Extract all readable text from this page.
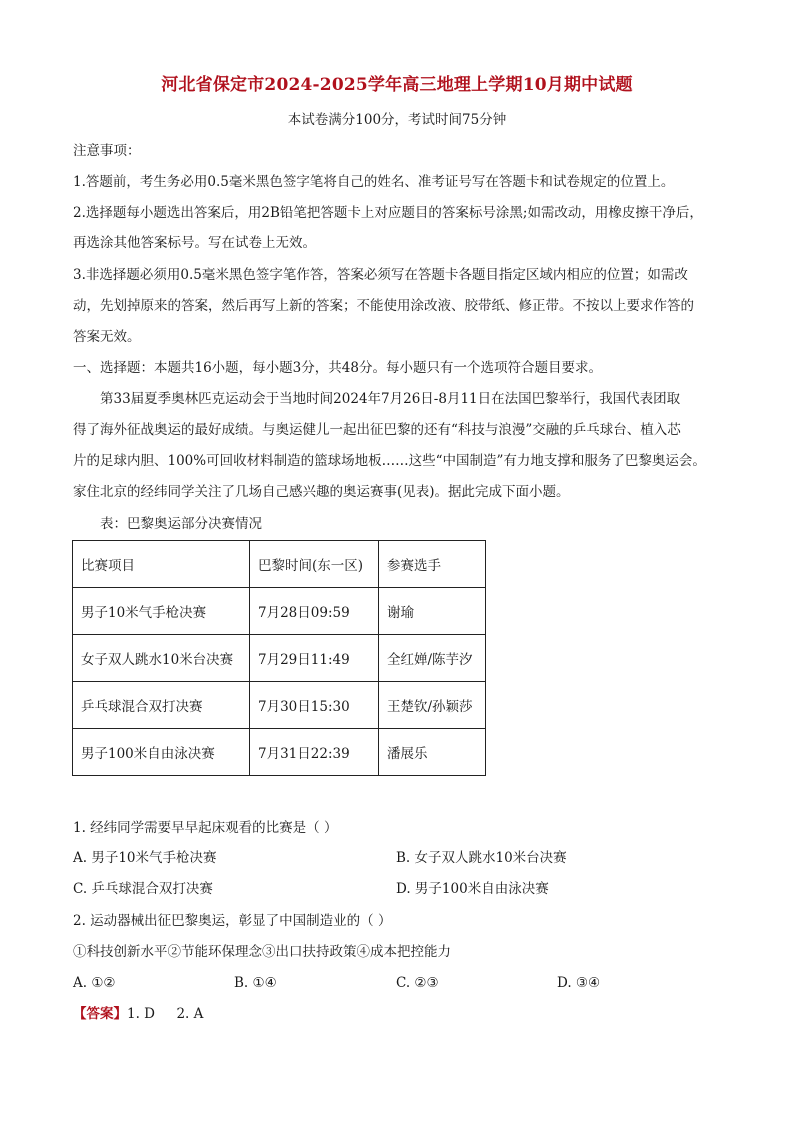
河北省保定市2024-2025学年高三地理上学期10月期中试题
本试卷满分100分，考试时间75分钟
注意事项：
1.答题前，考生务必用0.5毫米黑色签字笔将自己的姓名、准考证号写在答题卡和试卷规定的位置上。
2.选择题每小题选出答案后，用2B铅笔把答题卡上对应题目的答案标号涂黑;如需改动，用橡皮擦干净后，
再选涂其他答案标号。写在试卷上无效。
3.非选择题必须用0.5毫米黑色签字笔作答，答案必须写在答题卡各题目指定区域内相应的位置；如需改
动，先划掉原来的答案，然后再写上新的答案；不能使用涂改液、胶带纸、修正带。不按以上要求作答的
答案无效。
一、选择题：本题共16小题，每小题3分，共48分。每小题只有一个选项符合题目要求。
第33届夏季奥林匹克运动会于当地时间2024年7月26日-8月11日在法国巴黎举行，我国代表团取
得了海外征战奥运的最好成绩。与奥运健儿一起出征巴黎的还有“科技与浪漫”交融的乒乓球台、植入芯
片的足球内胆、100%可回收材料制造的篮球场地板……这些“中国制造”有力地支撑和服务了巴黎奥运会。
家住北京的经纬同学关注了几场自己感兴趣的奥运赛事(见表)。据此完成下面小题。
表：巴黎奥运部分决赛情况
比赛项目	巴黎时间(东一区)	参赛选手
男子10米气手枪决赛	7月28日09:59	谢瑜
女子双人跳水10米台决赛	7月29日11:49	全红婵/陈芋汐
乒乓球混合双打决赛	7月30日15:30	王楚钦/孙颖莎
男子100米自由泳决赛	7月31日22:39	潘展乐
1. 经纬同学需要早早起床观看的比赛是（ ）
A. 男子10米气手枪决赛	B. 女子双人跳水10米台决赛
C. 乒乓球混合双打决赛	D. 男子100米自由泳决赛
2. 运动器械出征巴黎奥运，彰显了中国制造业的（ ）
①科技创新水平②节能环保理念③出口扶持政策④成本把控能力
A. ①②	B. ①④	C. ②③	D. ③④
【答案】1. D     2. A
